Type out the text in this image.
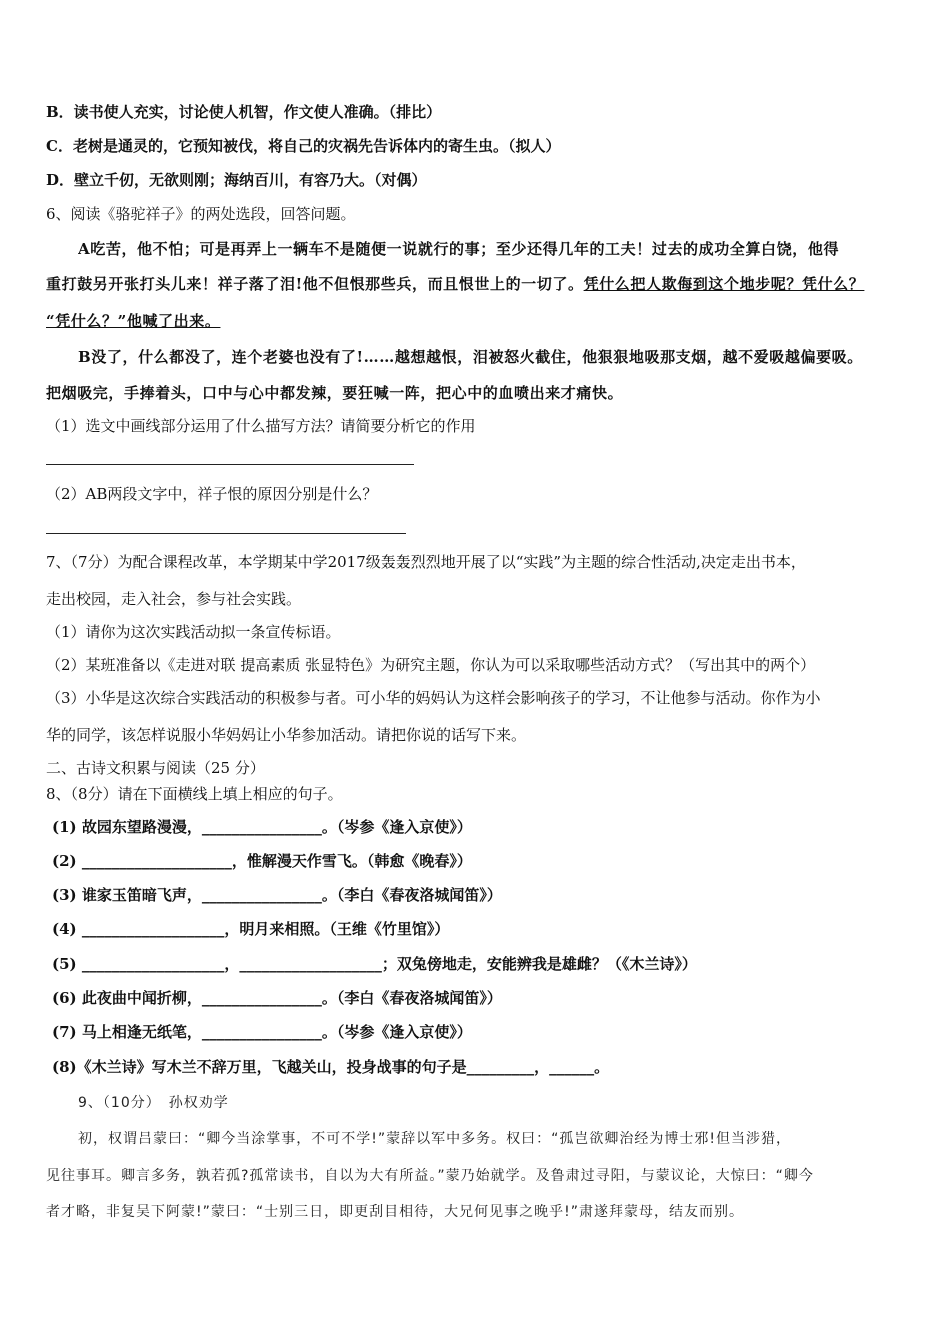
B．读书使人充实，讨论使人机智，作文使人准确。（排比）
C．老树是通灵的，它预知被伐，将自己的灾祸先告诉体内的寄生虫。（拟人）
D．壁立千仞，无欲则刚；海纳百川，有容乃大。（对偶）
6、阅读《骆驼祥子》的两处选段，回答问题。
A吃苦，他不怕；可是再弄上一辆车不是随便一说就行的事；至少还得几年的工夫！过去的成功全算白饶，他得
重打鼓另开张打头儿来！祥子落了泪!他不但恨那些兵，而且恨世上的一切了。凭什么把人欺侮到这个地步呢？凭什么？
“凭什么？”他喊了出来。
B没了，什么都没了，连个老婆也没有了!……越想越恨，泪被怒火截住，他狠狠地吸那支烟，越不爱吸越偏要吸。
把烟吸完，手捧着头，口中与心中都发辣，要狂喊一阵，把心中的血喷出来才痛快。
（1）选文中画线部分运用了什么描写方法？请简要分析它的作用
（2）AB两段文字中，祥子恨的原因分别是什么？
7、（7分）为配合课程改革，本学期某中学2017级轰轰烈烈地开展了以“实践”为主题的综合性活动,决定走出书本，
走出校园，走入社会，参与社会实践。
（1）请你为这次实践活动拟一条宣传标语。
（2）某班准备以《走进对联 提高素质 张显特色》为研究主题，你认为可以采取哪些活动方式？（写出其中的两个）
（3）小华是这次综合实践活动的积极参与者。可小华的妈妈认为这样会影响孩子的学习，不让他参与活动。你作为小
华的同学，该怎样说服小华妈妈让小华参加活动。请把你说的话写下来。
二、古诗文积累与阅读（25 分）
8、（8分）请在下面横线上填上相应的句子。
(1) 故园东望路漫漫，________________。（岑参《逢入京使》）
(2) ____________________，惟解漫天作雪飞。（韩愈《晚春》）
(3) 谁家玉笛暗飞声，________________。（李白《春夜洛城闻笛》）
(4) ___________________，明月来相照。（王维《竹里馆》）
(5) ___________________，___________________；双兔傍地走，安能辨我是雄雌？（《木兰诗》）
(6) 此夜曲中闻折柳，________________。（李白《春夜洛城闻笛》）
(7) 马上相逢无纸笔，________________。（岑参《逢入京使》）
(8)《木兰诗》写木兰不辞万里，飞越关山，投身战事的句子是_________，______。
9、（10分）　孙权劝学
初，权谓吕蒙曰：“卿今当涂掌事，不可不学!”蒙辞以军中多务。权曰：“孤岂欲卿治经为博士邪!但当涉猎，
见往事耳。卿言多务，孰若孤?孤常读书，自以为大有所益。”蒙乃始就学。及鲁肃过寻阳，与蒙议论，大惊曰：“卿今
者才略，非复吴下阿蒙!”蒙曰：“士别三日，即更刮目相待，大兄何见事之晚乎!”肃遂拜蒙母，结友而别。
